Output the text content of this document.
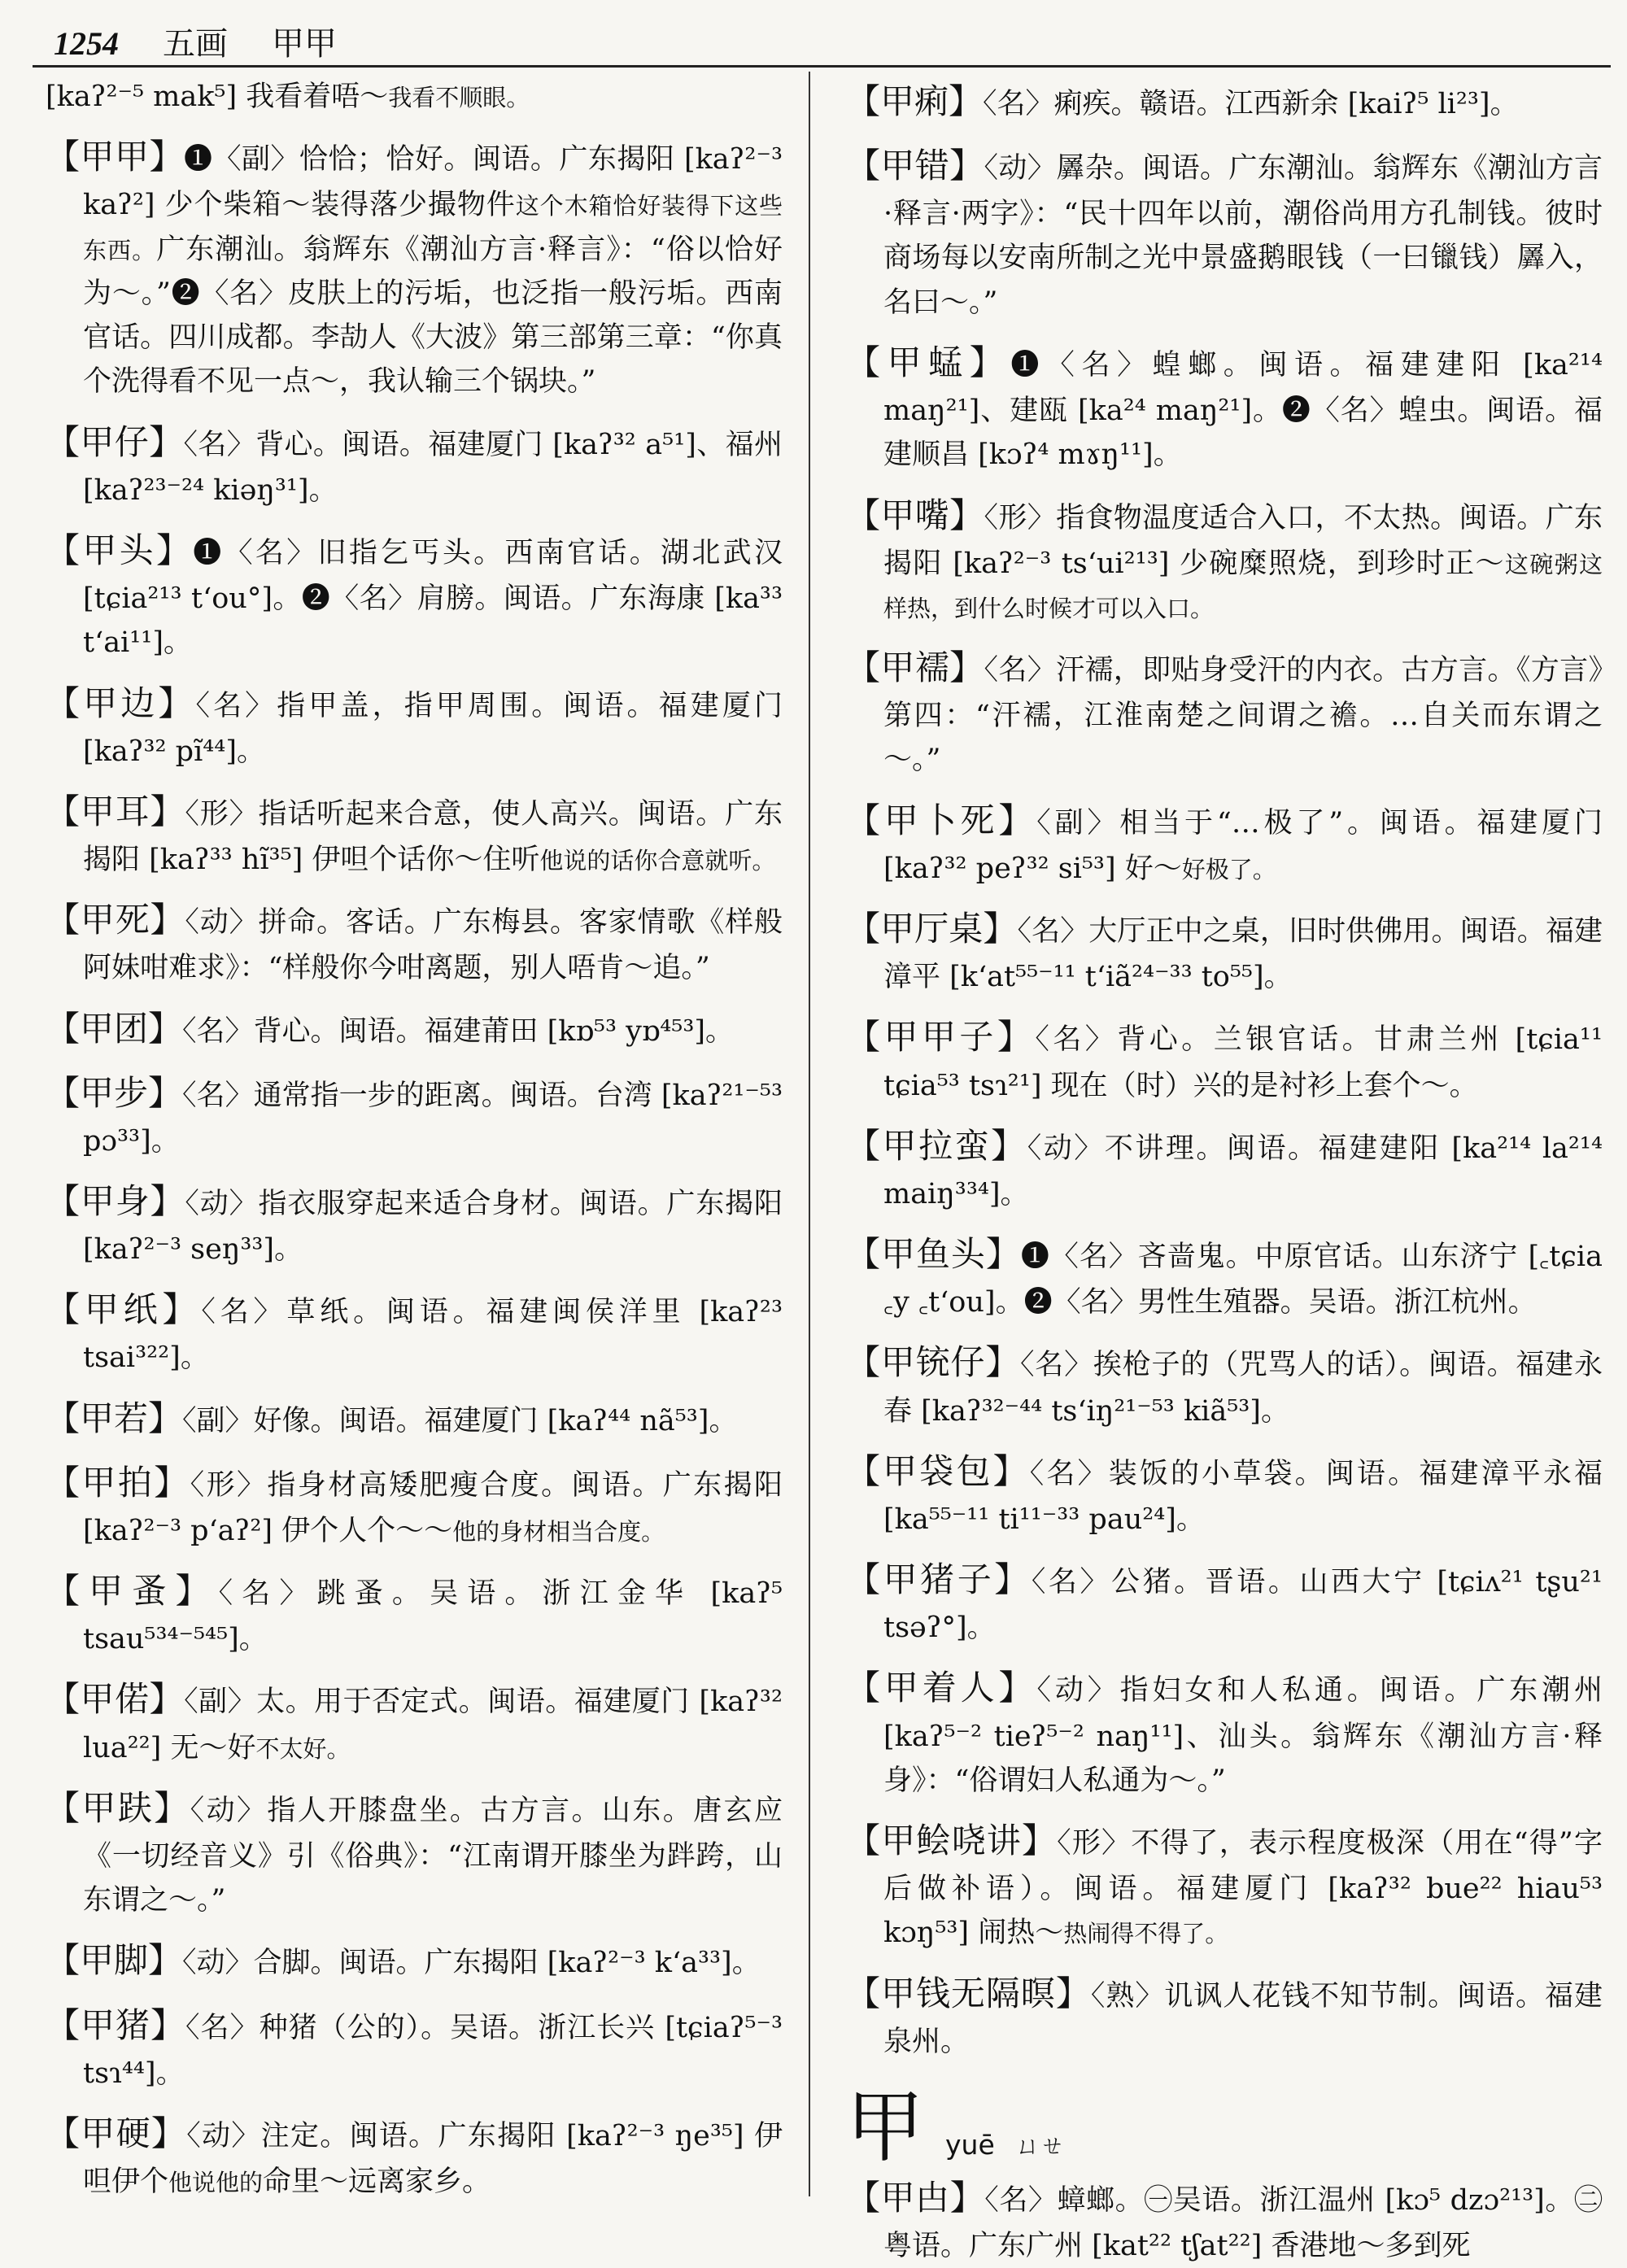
1254 五画 甲甲

[kaʔ²⁻⁵ mak⁵] 我看着唔～我看不顺眼。

【甲甲】❶〈副〉恰恰；恰好。闽语。广东揭阳 [kaʔ²⁻³ kaʔ²] 少个柴箱～装得落少撮物件这个木箱恰好装得下这些东西。广东潮汕。翁辉东《潮汕方言·释言》：“俗以恰好为～。”❷〈名〉皮肤上的污垢，也泛指一般污垢。西南官话。四川成都。李劼人《大波》第三部第三章：“你真个洗得看不见一点～，我认输三个锅块。”

【甲仔】〈名〉背心。闽语。福建厦门 [kaʔ³² a⁵¹]、福州 [kaʔ²³⁻²⁴ kiəŋ³¹]。

【甲头】❶〈名〉旧指乞丐头。西南官话。湖北武汉 [tɕia²¹³ tʻou°]。❷〈名〉肩膀。闽语。广东海康 [ka³³ tʻai¹¹]。

【甲边】〈名〉指甲盖，指甲周围。闽语。福建厦门 [kaʔ³² pĩ⁴⁴]。

【甲耳】〈形〉指话听起来合意，使人高兴。闽语。广东揭阳 [kaʔ³³ hĩ³⁵] 伊呾个话你～住听他说的话你合意就听。

【甲死】〈动〉拼命。客话。广东梅县。客家情歌《样般阿妹咁难求》：“样般你今咁离题，别人唔肯～追。”

【甲团】〈名〉背心。闽语。福建莆田 [kɒ⁵³ yɒ⁴⁵³]。

【甲步】〈名〉通常指一步的距离。闽语。台湾 [kaʔ²¹⁻⁵³ pɔ³³]。

【甲身】〈动〉指衣服穿起来适合身材。闽语。广东揭阳 [kaʔ²⁻³ seŋ³³]。

【甲纸】〈名〉草纸。闽语。福建闽侯洋里 [kaʔ²³ tsai³²²]。

【甲若】〈副〉好像。闽语。福建厦门 [kaʔ⁴⁴ nã⁵³]。

【甲拍】〈形〉指身材高矮肥瘦合度。闽语。广东揭阳 [kaʔ²⁻³ pʻaʔ²] 伊个人个～～他的身材相当合度。

【甲蚤】〈名〉跳蚤。吴语。浙江金华 [kaʔ⁵ tsau⁵³⁴⁻⁵⁴⁵]。

【甲偌】〈副〉太。用于否定式。闽语。福建厦门 [kaʔ³² lua²²] 无～好不太好。

【甲趺】〈动〉指人开膝盘坐。古方言。山东。唐玄应《一切经音义》引《俗典》：“江南谓开膝坐为跘跨，山东谓之～。”

【甲脚】〈动〉合脚。闽语。广东揭阳 [kaʔ²⁻³ kʻa³³]。

【甲猪】〈名〉种猪（公的）。吴语。浙江长兴 [tɕiaʔ⁵⁻³ tsɿ⁴⁴]。

【甲硬】〈动〉注定。闽语。广东揭阳 [kaʔ²⁻³ ŋe³⁵] 伊呾伊个他说他的命里～远离家乡。

【甲痢】〈名〉痢疾。赣语。江西新余 [kaiʔ⁵ li²³]。

【甲错】〈动〉羼杂。闽语。广东潮汕。翁辉东《潮汕方言·释言·两字》：“民十四年以前，潮俗尚用方孔制钱。彼时商场每以安南所制之光中景盛鹅眼钱（一曰镴钱）羼入，名曰～。”

【甲蜢】❶〈名〉蝗螂。闽语。福建建阳 [ka²¹⁴ maŋ²¹]、建瓯 [ka²⁴ maŋ²¹]。❷〈名〉蝗虫。闽语。福建顺昌 [kɔʔ⁴ mɤŋ¹¹]。

【甲嘴】〈形〉指食物温度适合入口，不太热。闽语。广东揭阳 [kaʔ²⁻³ tsʻui²¹³] 少碗糜照烧，到珍时正～这碗粥这样热，到什么时候才可以入口。

【甲襦】〈名〉汗襦，即贴身受汗的内衣。古方言。《方言》第四：“汗襦，江淮南楚之间谓之襜。…自关而东谓之～。”

【甲卜死】〈副〉相当于“…极了”。闽语。福建厦门 [kaʔ³² peʔ³² si⁵³] 好～好极了。

【甲厅桌】〈名〉大厅正中之桌，旧时供佛用。闽语。福建漳平 [kʻat⁵⁵⁻¹¹ tʻiã²⁴⁻³³ to⁵⁵]。

【甲甲子】〈名〉背心。兰银官话。甘肃兰州 [tɕia¹¹ tɕia⁵³ tsɿ²¹] 现在（时）兴的是衬衫上套个～。

【甲拉蛮】〈动〉不讲理。闽语。福建建阳 [ka²¹⁴ la²¹⁴ maiŋ³³⁴]。

【甲鱼头】❶〈名〉吝啬鬼。中原官话。山东济宁 [꜀tɕia ꜀y ꜀tʻou]。❷〈名〉男性生殖器。吴语。浙江杭州。

【甲铳仔】〈名〉挨枪子的（咒骂人的话）。闽语。福建永春 [kaʔ³²⁻⁴⁴ tsʻiŋ²¹⁻⁵³ kiã⁵³]。

【甲袋包】〈名〉装饭的小草袋。闽语。福建漳平永福 [ka⁵⁵⁻¹¹ ti¹¹⁻³³ pau²⁴]。

【甲猪子】〈名〉公猪。晋语。山西大宁 [tɕiʌ²¹ tʂu²¹ tsəʔ°]。

【甲着人】〈动〉指妇女和人私通。闽语。广东潮州 [kaʔ⁵⁻² tieʔ⁵⁻² naŋ¹¹]、汕头。翁辉东《潮汕方言·释身》：“俗谓妇人私通为～。”

【甲鲙哓讲】〈形〉不得了，表示程度极深（用在“得”字后做补语）。闽语。福建厦门 [kaʔ³² bue²² hiau⁵³ kɔŋ⁵³] 闹热～热闹得不得了。

【甲钱无隔暝】〈熟〉讥讽人花钱不知节制。闽语。福建泉州。

甲 yuē ㄩㄝ

【甲甴】〈名〉蟑螂。㊀吴语。浙江温州 [kɔ⁵ dzɔ²¹³]。㊁粤语。广东广州 [kat²² tʃat²²] 香港地～多到死
